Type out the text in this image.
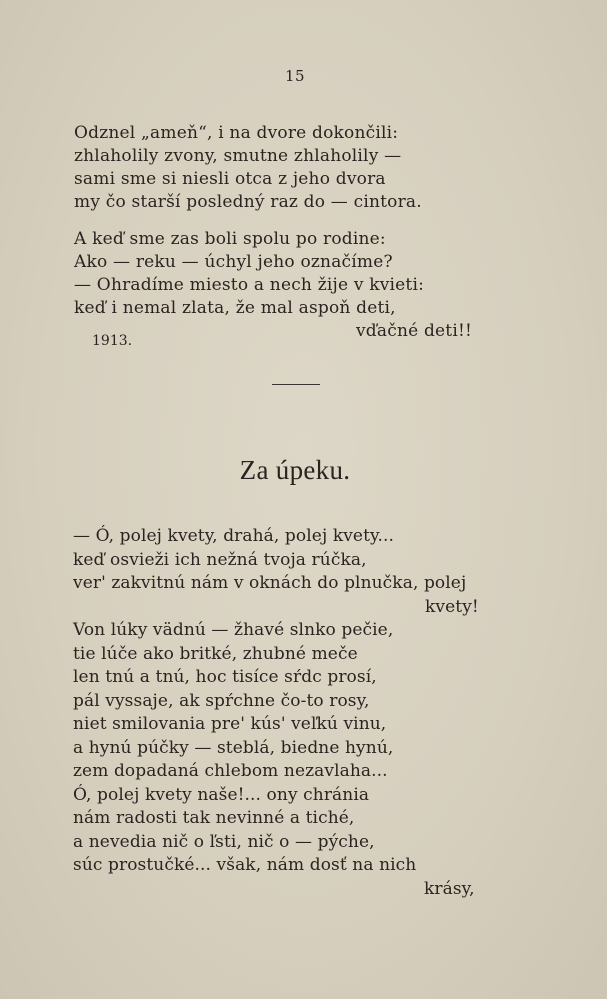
15
Odznel „ameň“, i na dvore dokončili:
zhlaholily zvony, smutne zhlaholily —
sami sme si niesli otca z jeho dvora
my čo starší posledný raz do — cintora.
A keď sme zas boli spolu po rodine:
Ako — reku — úchyl jeho označíme?
— Ohradíme miesto a nech žije v kvieti:
keď i nemal zlata, že mal aspoň deti,
vďačné deti!!
1913.
Za úpeku.
— Ó, polej kvety, drahá, polej kvety...
keď osvieži ich nežná tvoja rúčka,
ver' zakvitnú nám v oknách do plnučka, polej
kvety!
Von lúky vädnú — žhavé slnko pečie,
tie lúče ako britké, zhubné meče
len tnú a tnú, hoc tisíce sŕdc prosí,
pál vyssaje, ak spŕchne čo-to rosy,
niet smilovania pre' kús' veľkú vinu,
a hynú púčky — steblá, biedne hynú,
zem dopadaná chlebom nezavlaha...
Ó, polej kvety naše!... ony chránia
nám radosti tak nevinné a tiché,
a nevedia nič o ľsti, nič o — pýche,
súc prostučké... však, nám dosť na nich
krásy,
